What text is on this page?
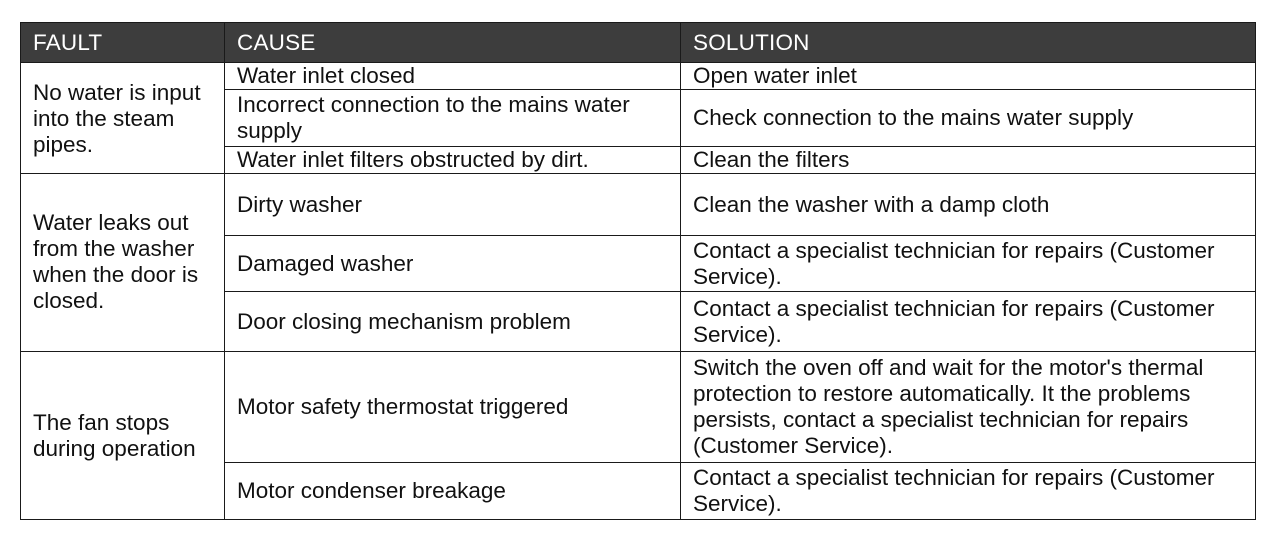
FAULT	CAUSE	SOLUTION

No water is input into the steam pipes.	Water inlet closed	Open water inlet
	Incorrect connection to the mains water supply	Check connection to the mains water supply
	Water inlet filters obstructed by dirt.	Clean the filters

Water leaks out from the washer when the door is closed.	Dirty washer	Clean the washer with a damp cloth
	Damaged washer	Contact a specialist technician for repairs (Customer Service).
	Door closing mechanism problem	Contact a specialist technician for repairs (Customer Service).

The fan stops during operation	Motor safety thermostat triggered	Switch the oven off and wait for the motor's thermal protection to restore automatically. It the problems persists, contact a specialist technician for repairs (Customer Service).
	Motor condenser breakage	Contact a specialist technician for repairs (Customer Service).
